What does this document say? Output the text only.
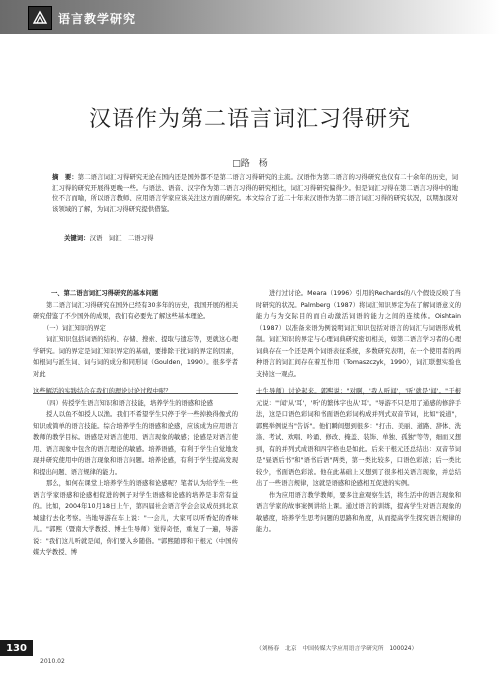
语言教学研究
汉语作为第二语言词汇习得研究
□路　杨
摘　要：第二语言词汇习得研究无论在国内还是国外都不是第二语言习得研究的主流。汉语作为第二语言的习得研究也仅有二十余年的历史，词汇习得的研究开展得更晚一些。与语法、语音、汉字作为第二语言习得的研究相比，词汇习得研究偏得少。但是词汇习得在第二语言习得中的地位不言而喻，所以语言教师、应用语言学家应该关注这方面的研究。本文综合了近二十年来汉语作为第二语言词汇习得的研究状况，以期加深对该领域的了解，为词汇习得研究提供借鉴。
关键词：汉语　词汇　二语习得

一、第二语言词汇习得研究的基本问题

第二语言词汇习得研究在国外已经有30多年的历史，我国开展的相关研究借鉴了不少国外的成果，我们有必要先了解这些基本理论。

（一）词汇知识的界定

词汇知识包括词语的结构、存储、搜索、提取与遗忘等，更就这心理学研究。词的界定是词汇知识界定的基础，要排除干扰词的界定的因素，如根词与派生词、词与词的成分和同形词（Goulden，1990）。很多学者对此

这些解活的实践结合在我们的理论讨论过程中呢？

（四）传授学生语言知识和语言技能，培养学生的语感和论感

授人以鱼不如授人以渔。我们不希望学生只停于学一些掉换得像式的知识或简单的语言技能。综合培养学生的语感和论感，应该成为应用语言教师的教学目标。语感是对语言使用、语言现象的敏感；论感是对语言使用、语言现象中包含的语言理论的敏感。培养语感，有利于学生自觉地发现并研究使用中的语言现象和语言问题。培养论感，有利于学生提高发现和提出问题、语言规律的能力。

那么，如何在课堂上培养学生的语感和论感呢？笔者认为给学生一些语言学家语感和论感相促进的例子对学生语感和论感的培养是非常有益的。比如，2004年10月18日上午，第四届社会语言学会会议成员到北京城建行去化考察。当地导游在车上说："一会儿，大家可以听香妃的香味儿。"郭熙（暨南大学教授、博士生导师）觉得奇怪，重复了一遍，导游说："我们这儿听就是闻，你们要入乡随俗。"郭熙随即和干根元（中国传媒大学教授、博

进行过讨论。Meara（1996）引用的Rechards的八个假设反映了当时研究的状况。Palmberg（1987）将词汇知识界定为在了解词语意义的能力与为交际目的而自动激活词语的能力之间的连续体。Oishtain（1987）以准备来语为例说明词汇知识包括对语言的词汇与词语形成机制。词汇知识的界定与心理词典研究密切相关，如第二语言学习者的心理词典存在一个还是两个词语表征系统，多数研究表明，在一个使用者的两种语言的词汇间存在着互作用（Tomaszczyk，1990），词汇联想实验也支持这一观点。

士生导师）讨论起来。郭熙说："对啊，'我人听闻'，'听'就是'闻'。"于根元说："'闻'从'耳'，'听'的繁体字也从'耳'。"导游不只是用了通感的修辞手法，这是口语色彩词和书面语色彩词构成并列式双音节词，比如"说道"，郭熙举例说当"告诉"。他们瞬间想到很多："打击、美丽、道路、辞体、洗涤、考试、欢唱、吟诵、修改、掩盖、装饰、单独、孤独"等等，细而又想到，有的并列式成语和四字格也是如此。后来干根元还总结出：双音节词是"昼语后书"和"语书后语"两类，第一类比较多，口语色彩浓；后一类比较少，书面语色彩浓。他在此基础上又想到了很多相关语言现象，并总结出了一些语言规律，这就是语感和论感相互促进的实例。

作为应用语言教学教师，要多注意观察生活，将生活中的语言现象和语言学家的故事案例讲给上课。通过语言的训练，提高学生对语言现象的敏感度，培养学生思考问题的思路和角度，从而提高学生探究语言规律的能力。

（刘杨春　北京　中国传媒大学应用语言学研究所　100024）
130
2010.02
